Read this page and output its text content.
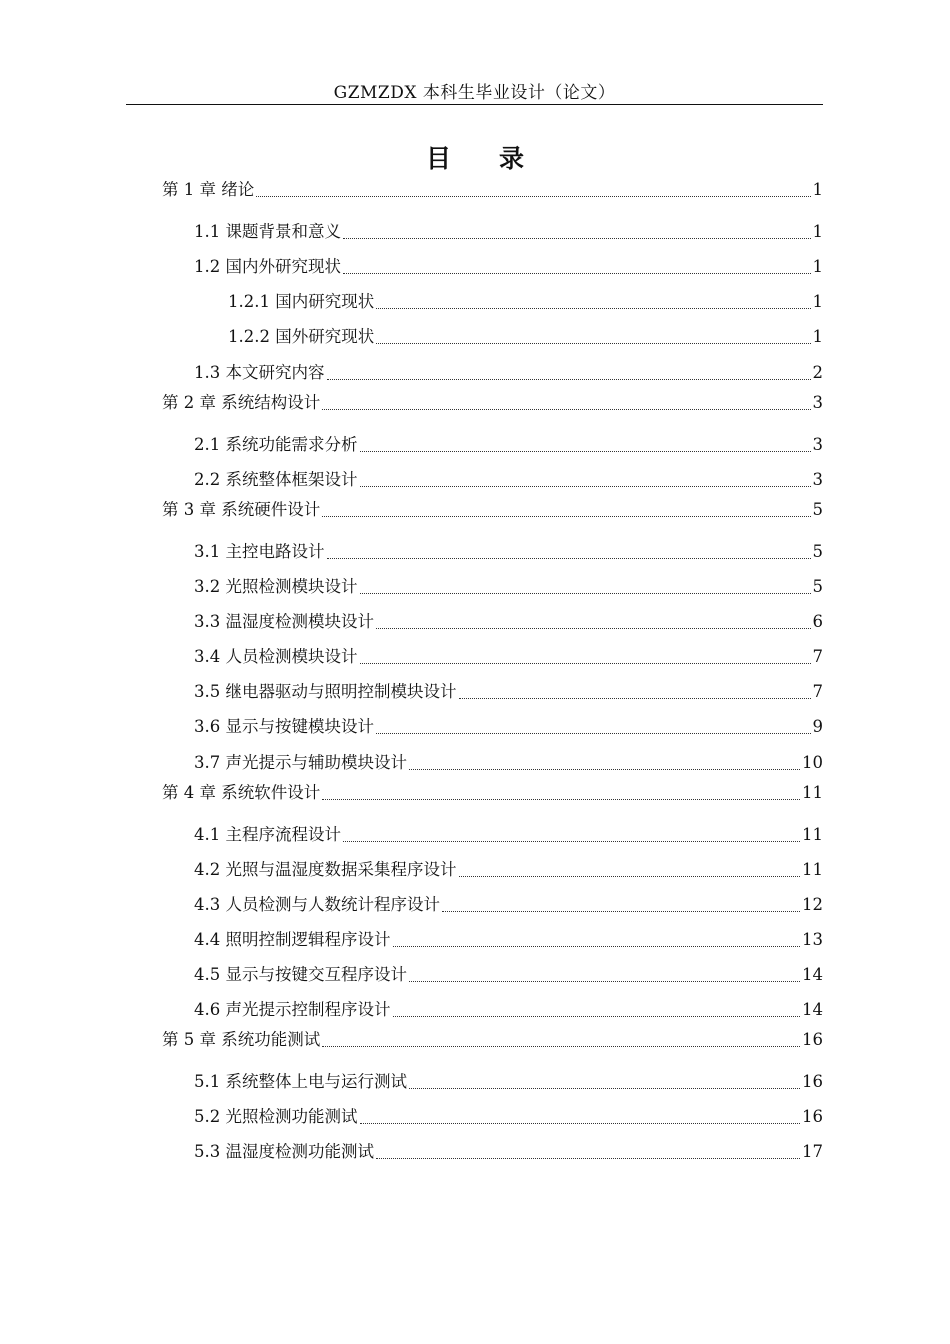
GZMZDX 本科生毕业设计（论文）
目 录
第 1 章 绪论	1
1.1 课题背景和意义	1
1.2 国内外研究现状	1
1.2.1 国内研究现状	1
1.2.2 国外研究现状	1
1.3 本文研究内容	2
第 2 章 系统结构设计	3
2.1 系统功能需求分析	3
2.2 系统整体框架设计	3
第 3 章 系统硬件设计	5
3.1 主控电路设计	5
3.2 光照检测模块设计	5
3.3 温湿度检测模块设计	6
3.4 人员检测模块设计	7
3.5 继电器驱动与照明控制模块设计	7
3.6 显示与按键模块设计	9
3.7 声光提示与辅助模块设计	10
第 4 章 系统软件设计	11
4.1 主程序流程设计	11
4.2 光照与温湿度数据采集程序设计	11
4.3 人员检测与人数统计程序设计	12
4.4 照明控制逻辑程序设计	13
4.5 显示与按键交互程序设计	14
4.6 声光提示控制程序设计	14
第 5 章 系统功能测试	16
5.1 系统整体上电与运行测试	16
5.2 光照检测功能测试	16
5.3 温湿度检测功能测试	17
